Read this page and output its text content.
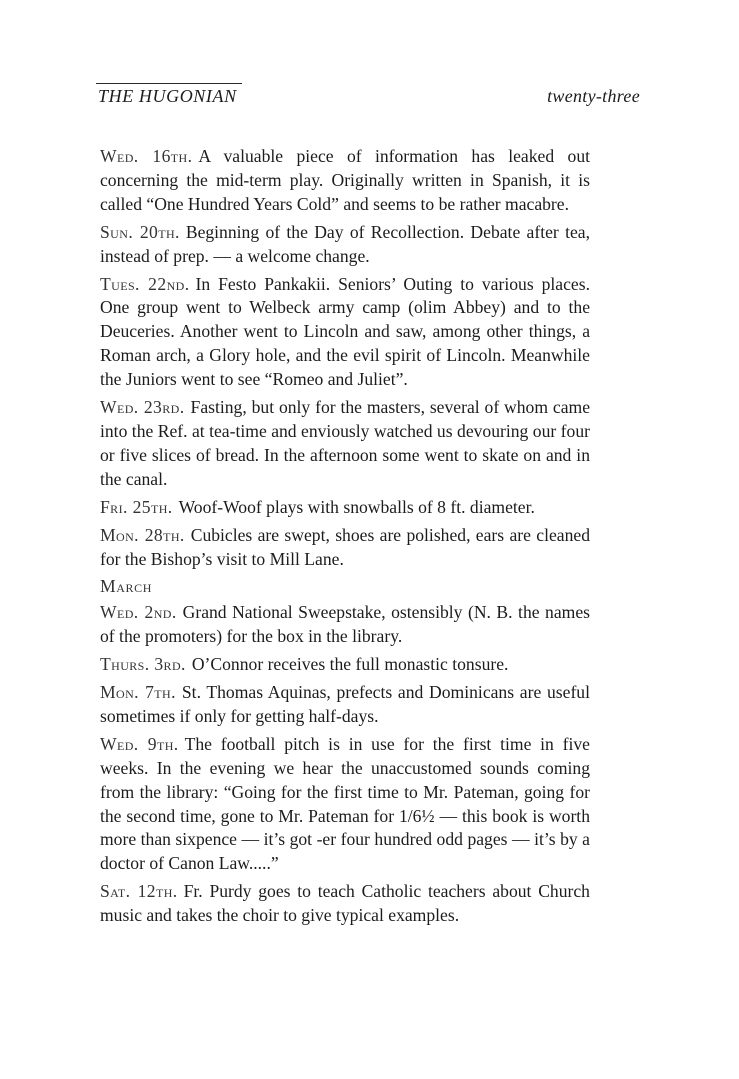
THE HUGONIAN	twenty-three

Wed. 16th. A valuable piece of information has leaked out concerning the mid-term play. Originally written in Spanish, it is called “One Hundred Years Cold” and seems to be rather macabre.

Sun. 20th. Beginning of the Day of Recollection. Debate after tea, instead of prep. — a welcome change.

Tues. 22nd. In Festo Pankakii. Seniors’ Outing to various places. One group went to Welbeck army camp (olim Abbey) and to the Deuceries. Another went to Lincoln and saw, among other things, a Roman arch, a Glory hole, and the evil spirit of Lincoln. Meanwhile the Juniors went to see “Romeo and Juliet”.

Wed. 23rd. Fasting, but only for the masters, several of whom came into the Ref. at tea-time and enviously watched us devouring our four or five slices of bread. In the afternoon some went to skate on and in the canal.

Fri. 25th. Woof-Woof plays with snowballs of 8 ft. diameter.

Mon. 28th. Cubicles are swept, shoes are polished, ears are cleaned for the Bishop’s visit to Mill Lane.

March

Wed. 2nd. Grand National Sweepstake, ostensibly (N. B. the names of the promoters) for the box in the library.

Thurs. 3rd. O’Connor receives the full monastic tonsure.

Mon. 7th. St. Thomas Aquinas, prefects and Dominicans are useful sometimes if only for getting half-days.

Wed. 9th. The football pitch is in use for the first time in five weeks. In the evening we hear the unaccustomed sounds coming from the library: “Going for the first time to Mr. Pateman, going for the second time, gone to Mr. Pateman for 1/6½ — this book is worth more than sixpence — it’s got -er four hundred odd pages — it’s by a doctor of Canon Law.....”

Sat. 12th. Fr. Purdy goes to teach Catholic teachers about Church music and takes the choir to give typical examples.
